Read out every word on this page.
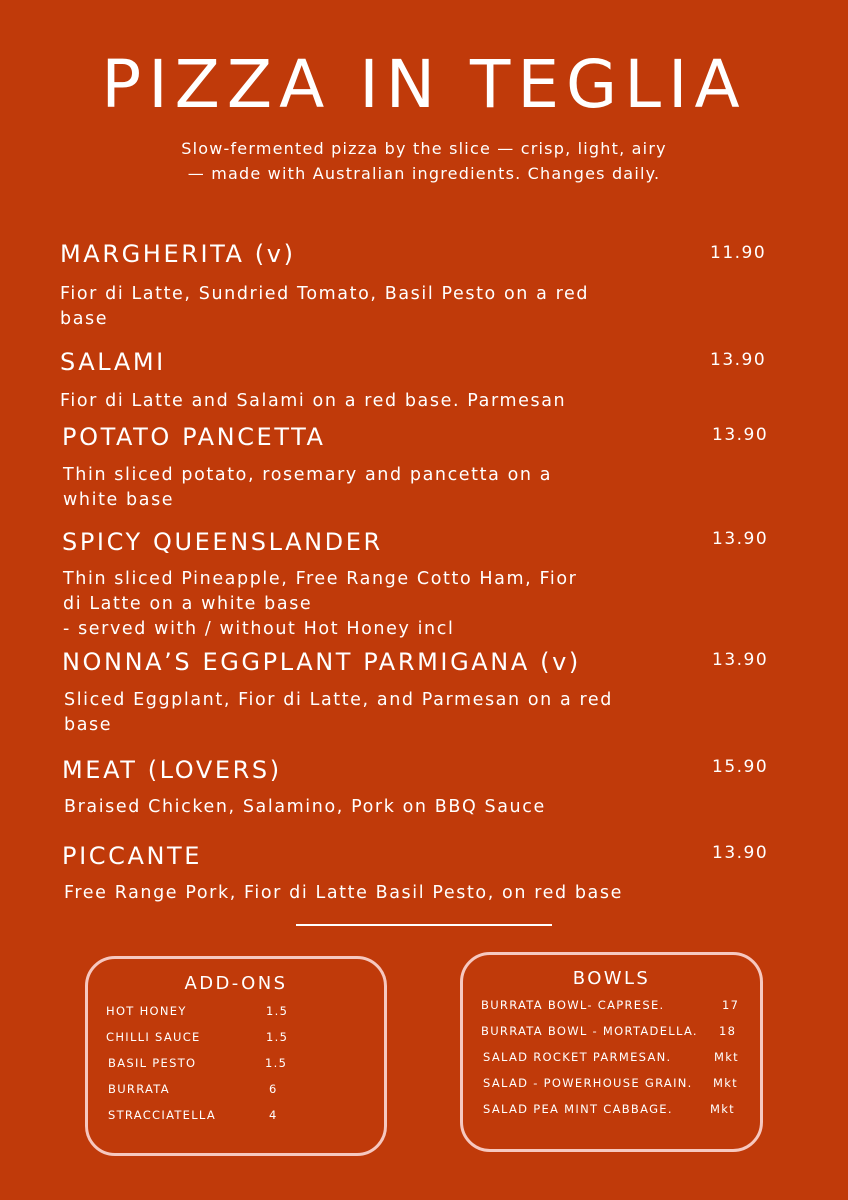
PIZZA IN TEGLIA
Slow-fermented pizza by the slice — crisp, light, airy
— made with Australian ingredients. Changes daily.
MARGHERITA (v)	11.90
Fior di Latte, Sundried Tomato, Basil Pesto on a red
base
SALAMI	13.90
Fior di Latte and Salami on a red base. Parmesan
POTATO PANCETTA	13.90
Thin sliced potato, rosemary and pancetta on a
white base
SPICY QUEENSLANDER	13.90
Thin sliced Pineapple, Free Range Cotto Ham, Fior
di Latte on a white base
- served with / without Hot Honey incl
NONNA’S EGGPLANT PARMIGANA (v)	13.90
Sliced Eggplant, Fior di Latte, and Parmesan on a red
base
MEAT (LOVERS)	15.90
Braised Chicken, Salamino, Pork on BBQ Sauce
PICCANTE	13.90
Free Range Pork, Fior di Latte Basil Pesto, on red base
ADD-ONS
HOT HONEY	1.5
CHILLI SAUCE	1.5
BASIL PESTO	1.5
BURRATA	6
STRACCIATELLA	4
BOWLS
BURRATA BOWL- CAPRESE.	17
BURRATA BOWL - MORTADELLA. 18
SALAD ROCKET PARMESAN.	Mkt
SALAD - POWERHOUSE GRAIN. Mkt
SALAD PEA MINT CABBAGE.	Mkt
